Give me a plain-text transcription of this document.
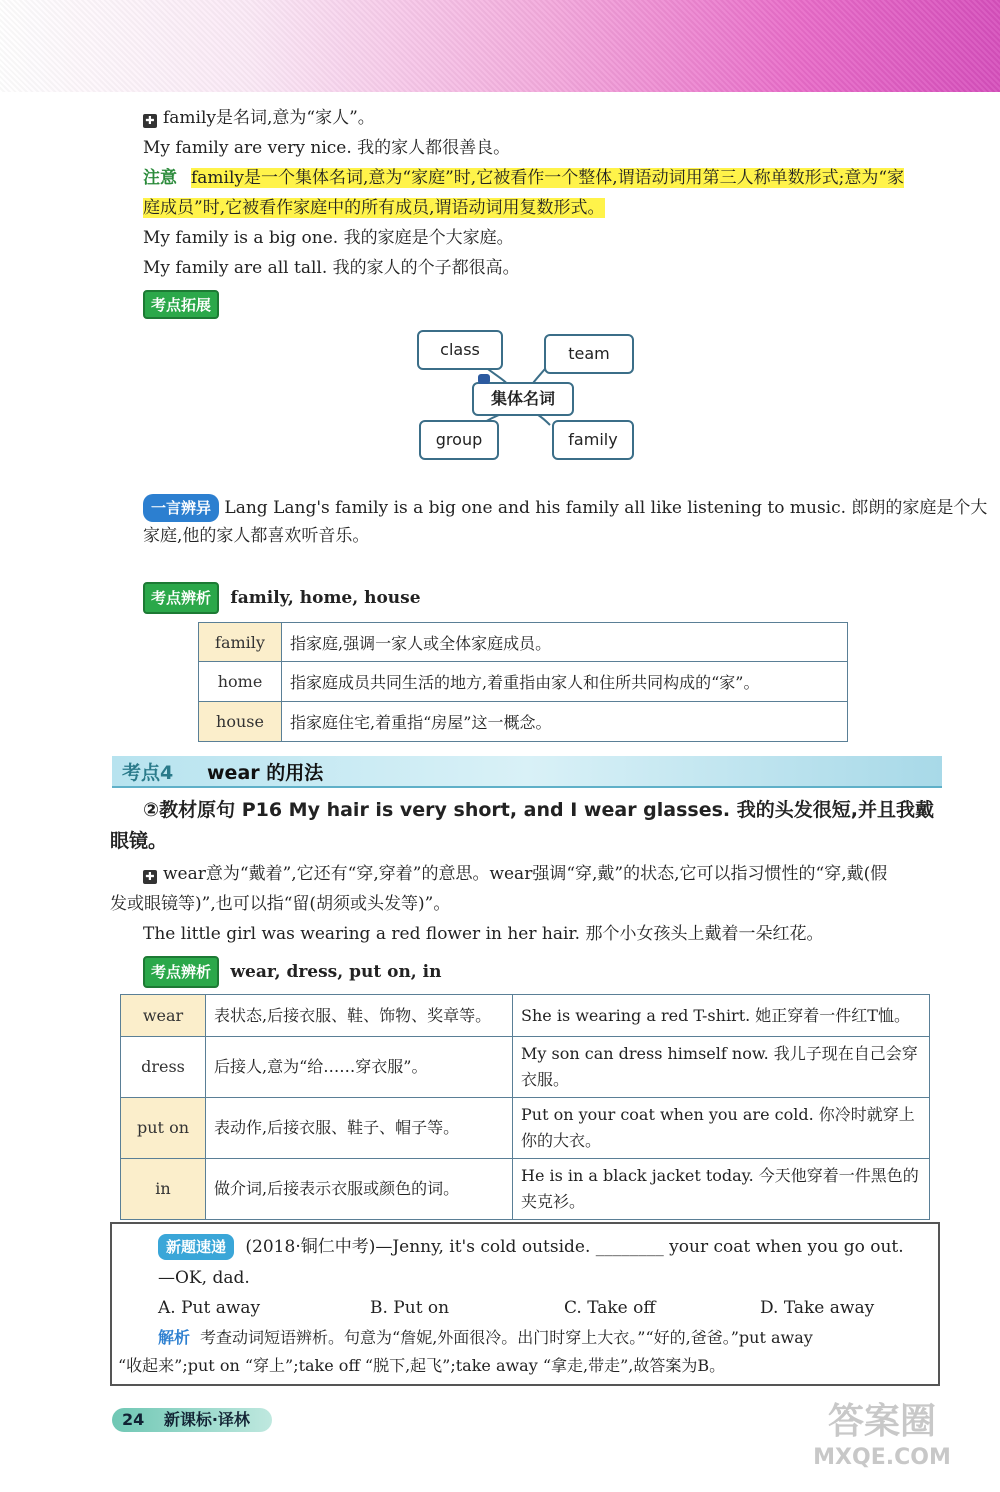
✚ family是名词,意为“家人”。
My family are very nice. 我的家人都很善良。
注意 family是一个集体名词,意为“家庭”时,它被看作一个整体,谓语动词用第三人称单数形式;意为“家
庭成员”时,它被看作家庭中的所有成员,谓语动词用复数形式。
My family is a big one. 我的家庭是个大家庭。
My family are all tall. 我的家人的个子都很高。
考点拓展
class	team
集体名词
group	family
一言辨异 Lang Lang's family is a big one and his family all like listening to music. 郎朗的家庭是个大
家庭,他的家人都喜欢听音乐。
考点辨析 family, home, house
family	指家庭,强调一家人或全体家庭成员。
home	指家庭成员共同生活的地方,着重指由家人和住所共同构成的“家”。
house	指家庭住宅,着重指“房屋”这一概念。
考点4 wear 的用法
②教材原句 P16 My hair is very short, and I wear glasses. 我的头发很短,并且我戴
眼镜。
✚ wear意为“戴着”,它还有“穿,穿着”的意思。wear强调“穿,戴”的状态,它可以指习惯性的“穿,戴(假
发或眼镜等)”,也可以指“留(胡须或头发等)”。
The little girl was wearing a red flower in her hair. 那个小女孩头上戴着一朵红花。
考点辨析 wear, dress, put on, in
wear	表状态,后接衣服、鞋、饰物、奖章等。	She is wearing a red T-shirt. 她正穿着一件红T恤。
dress	后接人,意为“给……穿衣服”。	My son can dress himself now. 我儿子现在自己会穿衣服。
put on	表动作,后接衣服、鞋子、帽子等。	Put on your coat when you are cold. 你冷时就穿上你的大衣。
in	做介词,后接表示衣服或颜色的词。	He is in a black jacket today. 今天他穿着一件黑色的夹克衫。
新题速递 (2018·铜仁中考)—Jenny, it's cold outside. ________ your coat when you go out.
—OK, dad.
A. Put away	B. Put on	C. Take off	D. Take away
解析 考查动词短语辨析。句意为“詹妮,外面很冷。出门时穿上大衣。”“好的,爸爸。”put away
“收起来”;put on “穿上”;take off “脱下,起飞”;take away “拿走,带走”,故答案为B。
24 新课标·译林	答案圈
MXQE.COM
